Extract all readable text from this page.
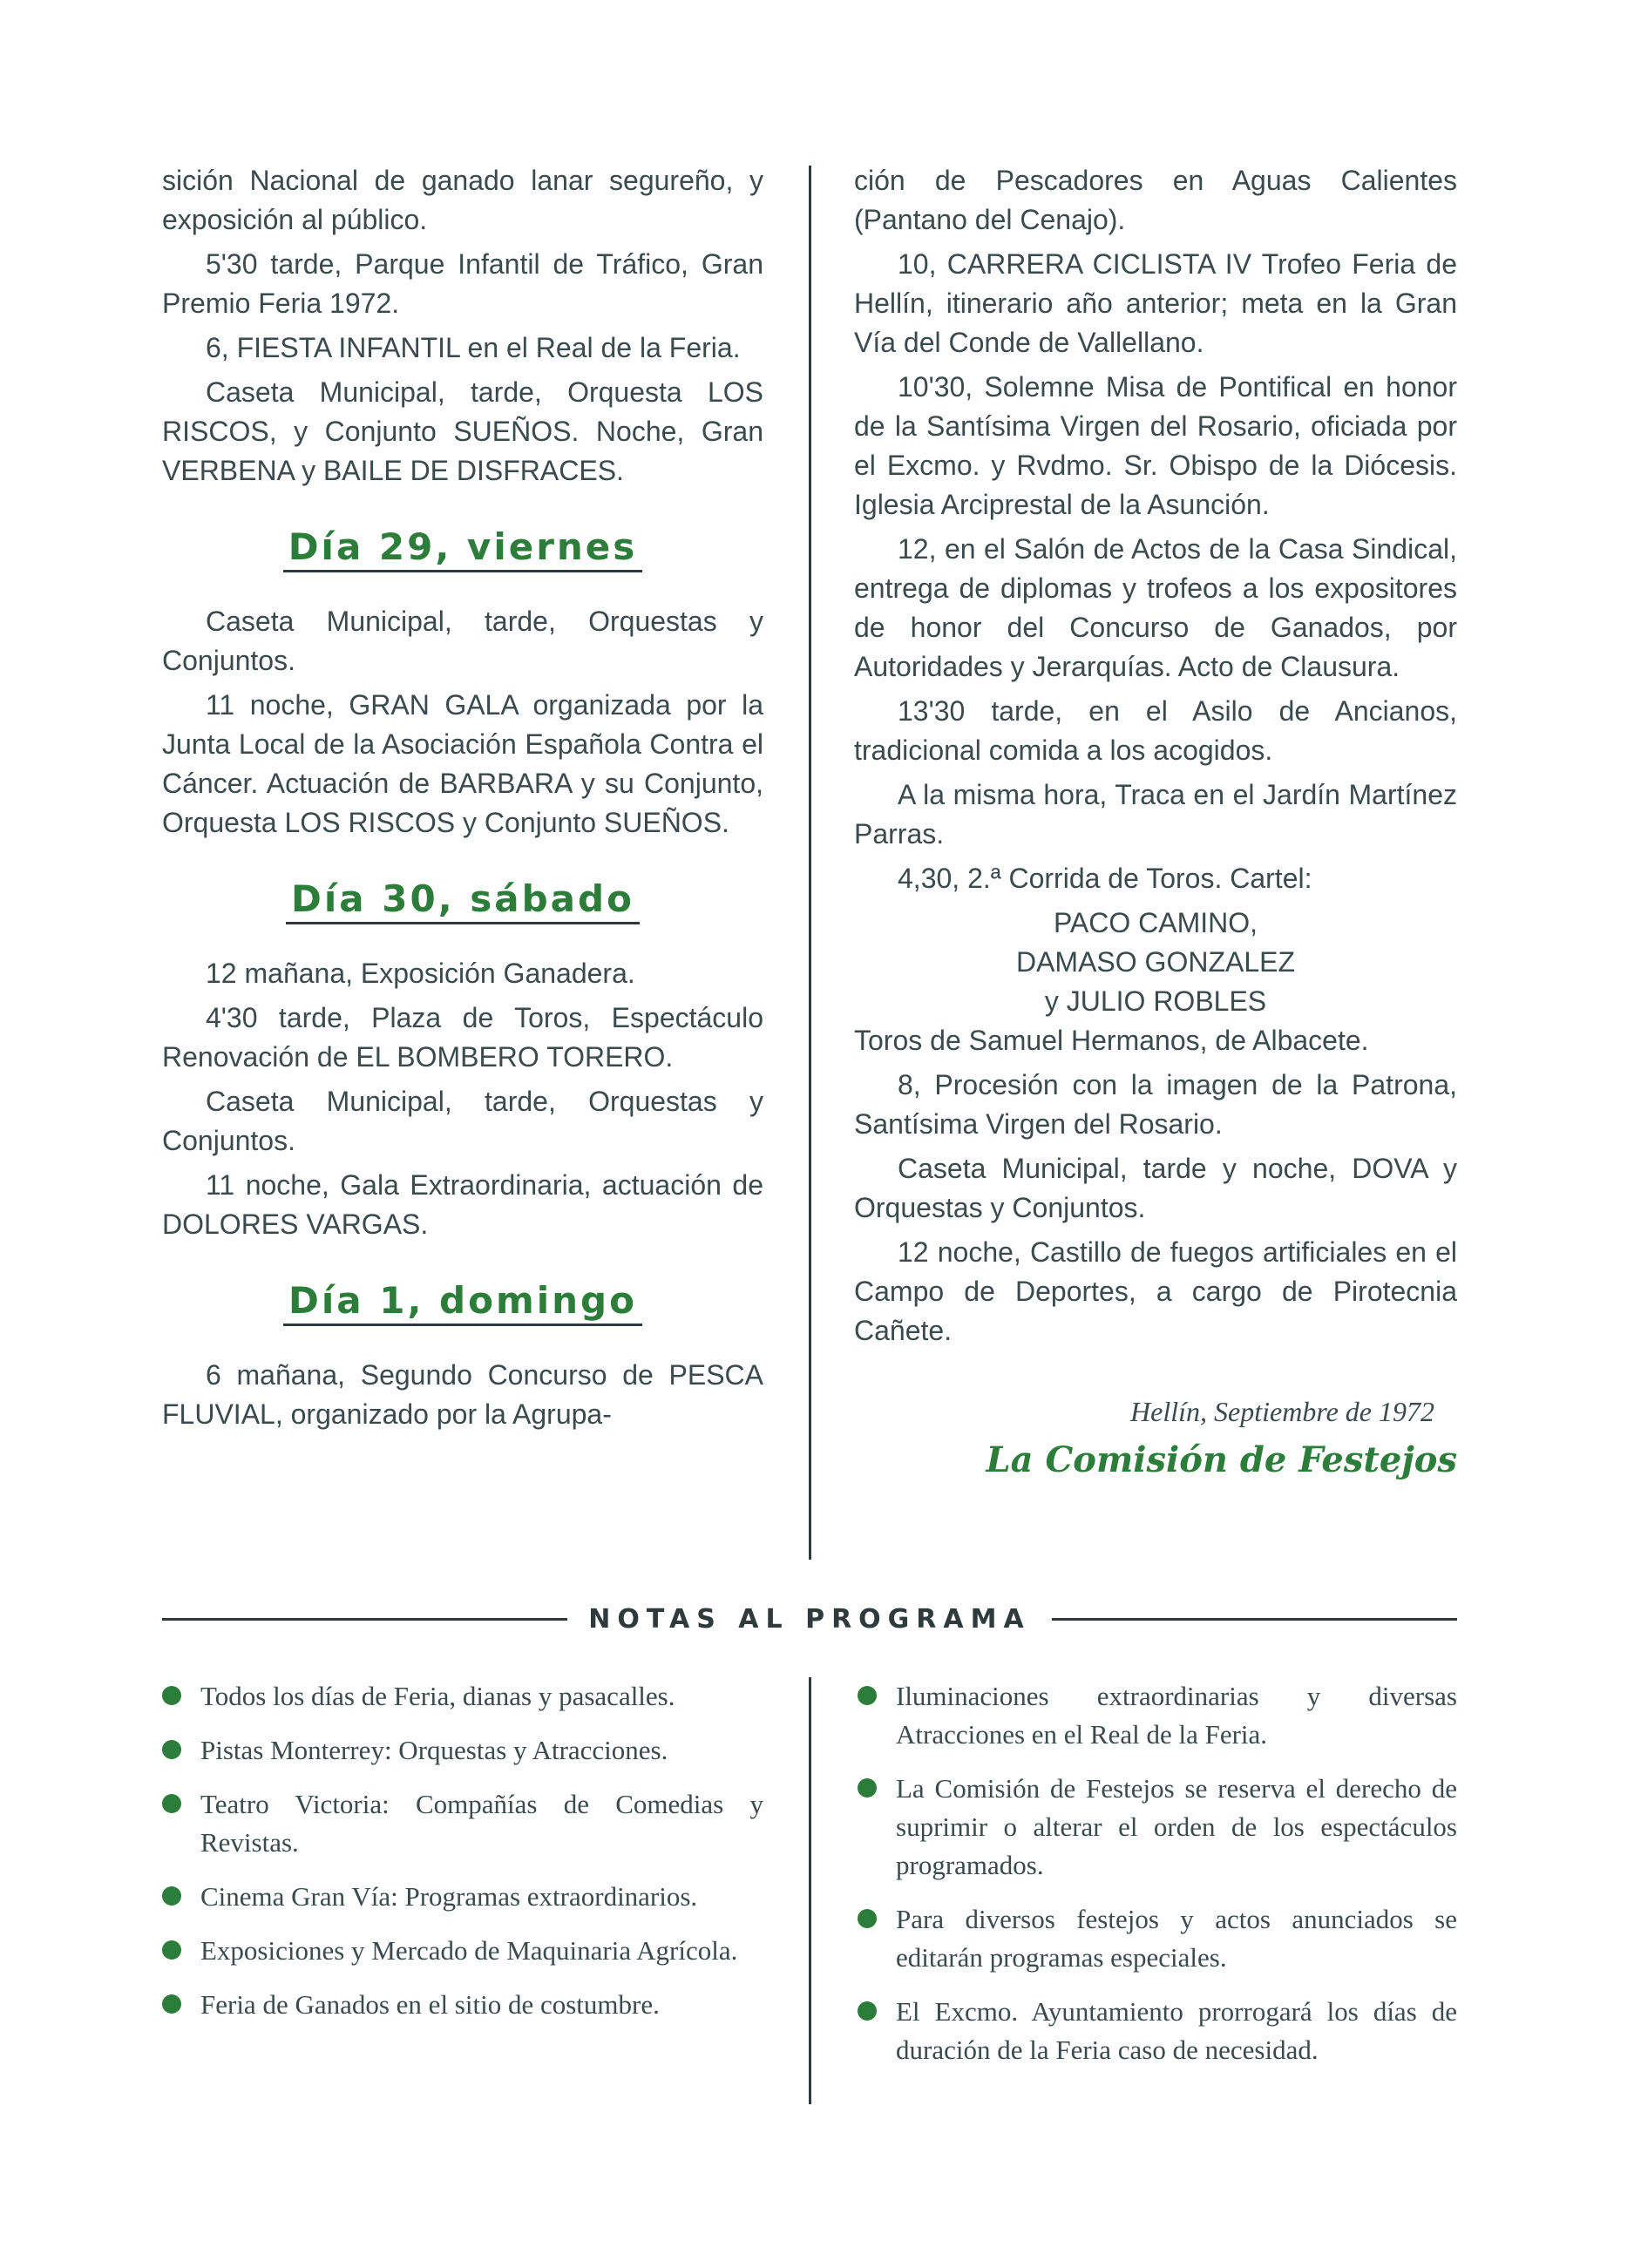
sición Nacional de ganado lanar segureño, y exposición al público.

5'30 tarde, Parque Infantil de Tráfico, Gran Premio Feria 1972.

6, FIESTA INFANTIL en el Real de la Feria.

Caseta Municipal, tarde, Orquesta LOS RISCOS, y Conjunto SUEÑOS. Noche, Gran VERBENA y BAILE DE DISFRACES.

Día 29, viernes

Caseta Municipal, tarde, Orquestas y Conjuntos.

11 noche, GRAN GALA organizada por la Junta Local de la Asociación Española Contra el Cáncer. Actuación de BARBARA y su Conjunto, Orquesta LOS RISCOS y Conjunto SUEÑOS.

Día 30, sábado

12 mañana, Exposición Ganadera.

4'30 tarde, Plaza de Toros, Espectáculo Renovación de EL BOMBERO TORERO.

Caseta Municipal, tarde, Orquestas y Conjuntos.

11 noche, Gala Extraordinaria, actuación de DOLORES VARGAS.

Día 1, domingo

6 mañana, Segundo Concurso de PESCA FLUVIAL, organizado por la Agrupa-

ción de Pescadores en Aguas Calientes (Pantano del Cenajo).

10, CARRERA CICLISTA IV Trofeo Feria de Hellín, itinerario año anterior; meta en la Gran Vía del Conde de Vallellano.

10'30, Solemne Misa de Pontifical en honor de la Santísima Virgen del Rosario, oficiada por el Excmo. y Rvdmo. Sr. Obispo de la Diócesis. Iglesia Arciprestal de la Asunción.

12, en el Salón de Actos de la Casa Sindical, entrega de diplomas y trofeos a los expositores de honor del Concurso de Ganados, por Autoridades y Jerarquías. Acto de Clausura.

13'30 tarde, en el Asilo de Ancianos, tradicional comida a los acogidos.

A la misma hora, Traca en el Jardín Martínez Parras.

4,30, 2.ª Corrida de Toros. Cartel:

PACO CAMINO,

DAMASO GONZALEZ

y JULIO ROBLES

Toros de Samuel Hermanos, de Albacete.

8, Procesión con la imagen de la Patrona, Santísima Virgen del Rosario.

Caseta Municipal, tarde y noche, DOVA y Orquestas y Conjuntos.

12 noche, Castillo de fuegos artificiales en el Campo de Deportes, a cargo de Pirotecnia Cañete.

Hellín, Septiembre de 1972

La Comisión de Festejos

NOTAS AL PROGRAMA
Todos los días de Feria, dianas y pasacalles.
Pistas Monterrey: Orquestas y Atracciones.
Teatro Victoria: Compañías de Comedias y Revistas.
Cinema Gran Vía: Programas extraordinarios.
Exposiciones y Mercado de Maquinaria Agrícola.
Feria de Ganados en el sitio de costumbre.
Iluminaciones extraordinarias y diversas Atracciones en el Real de la Feria.
La Comisión de Festejos se reserva el derecho de suprimir o alterar el orden de los espectáculos programados.
Para diversos festejos y actos anunciados se editarán programas especiales.
El Excmo. Ayuntamiento prorrogará los días de duración de la Feria caso de necesidad.
